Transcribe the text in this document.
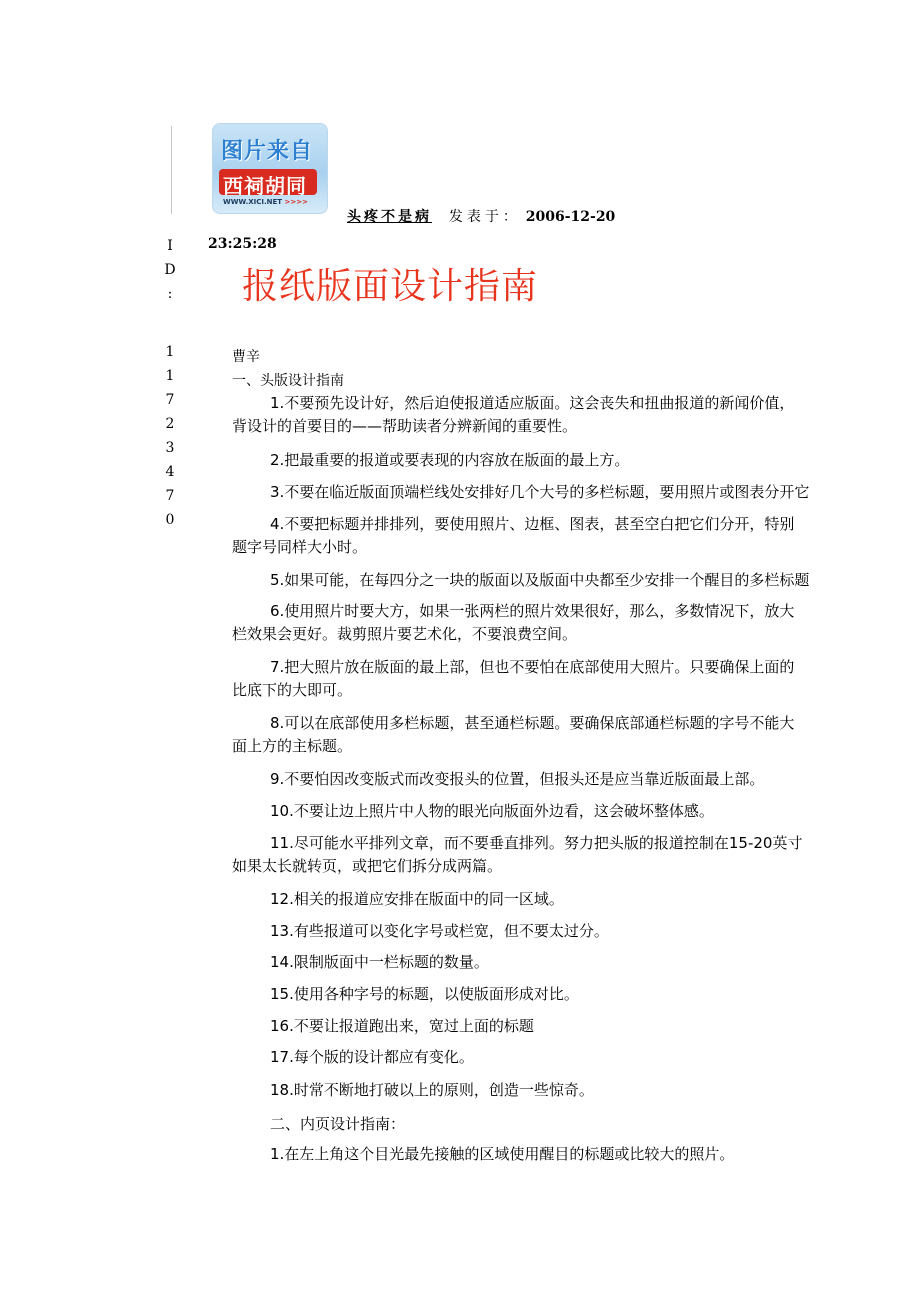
图片来自
西祠胡同
WWW.XICI.NET >>>>
头疼不是病 发表于： 2006-12-20
23:25:28
I
D
:
1
1
7
2
3
4
7
0
报纸版面设计指南
曹辛
一、头版设计指南
1.不要预先设计好，然后迫使报道适应版面。这会丧失和扭曲报道的新闻价值，
背设计的首要目的——帮助读者分辨新闻的重要性。
2.把最重要的报道或要表现的内容放在版面的最上方。
3.不要在临近版面顶端栏线处安排好几个大号的多栏标题，要用照片或图表分开它
4.不要把标题并排排列，要使用照片、边框、图表，甚至空白把它们分开，特别
题字号同样大小时。
5.如果可能，在每四分之一块的版面以及版面中央都至少安排一个醒目的多栏标题
6.使用照片时要大方，如果一张两栏的照片效果很好，那么，多数情况下，放大
栏效果会更好。裁剪照片要艺术化，不要浪费空间。
7.把大照片放在版面的最上部，但也不要怕在底部使用大照片。只要确保上面的
比底下的大即可。
8.可以在底部使用多栏标题，甚至通栏标题。要确保底部通栏标题的字号不能大
面上方的主标题。
9.不要怕因改变版式而改变报头的位置，但报头还是应当靠近版面最上部。
10.不要让边上照片中人物的眼光向版面外边看，这会破坏整体感。
11.尽可能水平排列文章，而不要垂直排列。努力把头版的报道控制在15-20英寸
如果太长就转页，或把它们拆分成两篇。
12.相关的报道应安排在版面中的同一区域。
13.有些报道可以变化字号或栏宽，但不要太过分。
14.限制版面中一栏标题的数量。
15.使用各种字号的标题，以使版面形成对比。
16.不要让报道跑出来，宽过上面的标题
17.每个版的设计都应有变化。
18.时常不断地打破以上的原则，创造一些惊奇。
二、内页设计指南：
1.在左上角这个目光最先接触的区域使用醒目的标题或比较大的照片。
